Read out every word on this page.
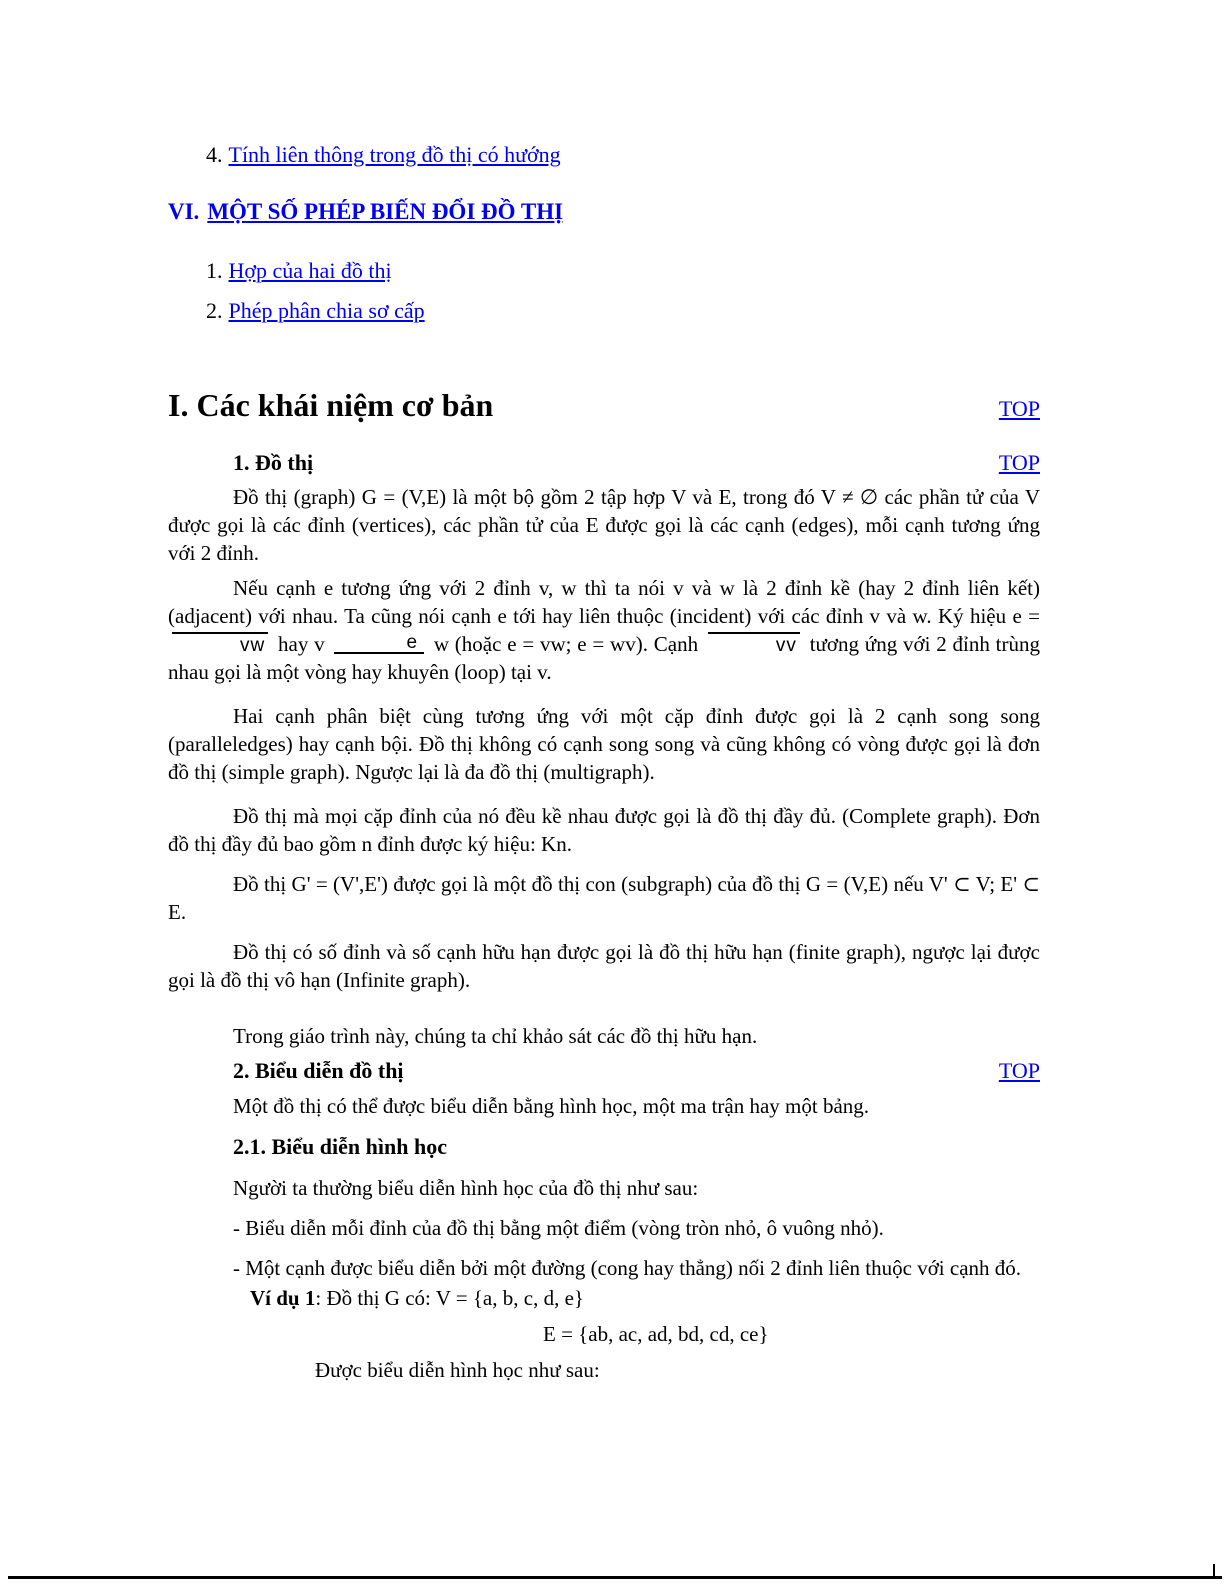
4. Tính liên thông trong đồ thị có hướng
VI. MỘT SỐ PHÉP BIẾN ĐỔI ĐỒ THỊ
1. Hợp của hai đồ thị
2. Phép phân chia sơ cấp
I. Các khái niệm cơ bản	TOP
1. Đồ thị	TOP

Đồ thị (graph) G = (V,E) là một bộ gồm 2 tập hợp V và E, trong đó V ≠ ∅ các phần tử của V được gọi là các đỉnh (vertices), các phần tử của E được gọi là các cạnh (edges), mỗi cạnh tương ứng với 2 đỉnh.

Nếu cạnh e tương ứng với 2 đỉnh v, w thì ta nói v và w là 2 đỉnh kề (hay 2 đỉnh liên kết) (adjacent) với nhau. Ta cũng nói cạnh e tới hay liên thuộc (incident) với các đỉnh v và w. Ký hiệu e = vw hay v	e w (hoặc e = vw; e = wv). Cạnh	vv tương ứng với 2 đỉnh trùng nhau gọi là một vòng hay khuyên (loop) tại v.

Hai cạnh phân biệt cùng tương ứng với một cặp đỉnh được gọi là 2 cạnh song song (paralleledges) hay cạnh bội. Đồ thị không có cạnh song song và cũng không có vòng được gọi là đơn đồ thị (simple graph). Ngược lại là đa đồ thị (multigraph).

Đồ thị mà mọi cặp đỉnh của nó đều kề nhau được gọi là đồ thị đầy đủ. (Complete graph). Đơn đồ thị đầy đủ bao gồm n đỉnh được ký hiệu: Kn.

Đồ thị G' = (V',E') được gọi là một đồ thị con (subgraph) của đồ thị G = (V,E) nếu V' ⊂ V; E' ⊂ E.

Đồ thị có số đỉnh và số cạnh hữu hạn được gọi là đồ thị hữu hạn (finite graph), ngược lại được gọi là đồ thị vô hạn (Infinite graph).

Trong giáo trình này, chúng ta chỉ khảo sát các đồ thị hữu hạn.

2. Biểu diễn đồ thị	TOP

Một đồ thị có thể được biểu diễn bằng hình học, một ma trận hay một bảng.

2.1. Biểu diễn hình học

Người ta thường biểu diễn hình học của đồ thị như sau:

- Biểu diễn mỗi đỉnh của đồ thị bằng một điểm (vòng tròn nhỏ, ô vuông nhỏ).

- Một cạnh được biểu diễn bởi một đường (cong hay thẳng) nối 2 đỉnh liên thuộc với cạnh đó.

Ví dụ 1: Đồ thị G có: V = {a, b, c, d, e}
E = {ab, ac, ad, bd, cd, ce}
Được biểu diễn hình học như sau:
